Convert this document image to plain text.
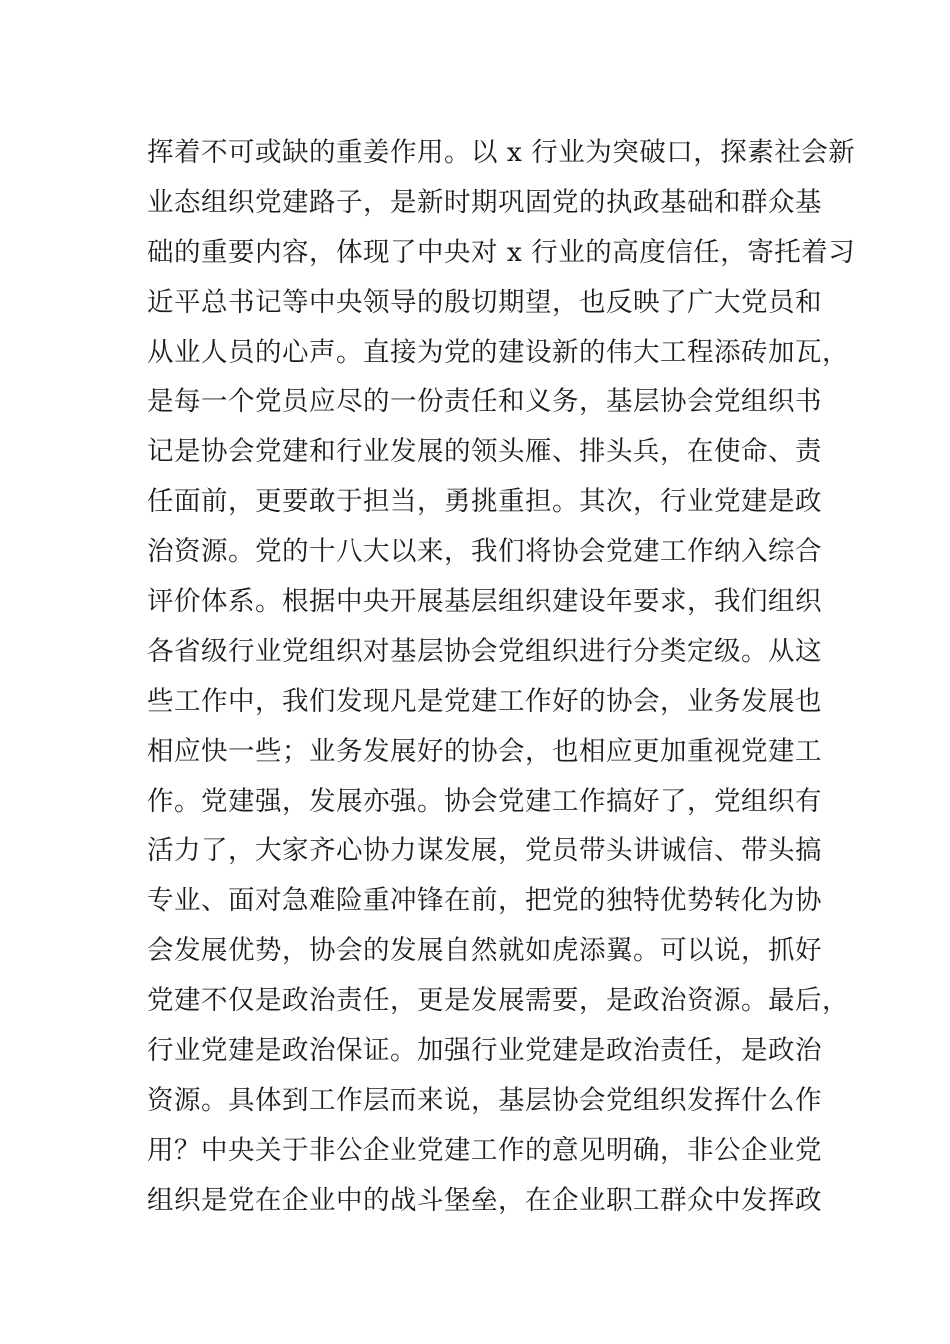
挥着不可或缺的重姜作用。以 x 行业为突破口，探素社会新
业态组织党建路子，是新时期巩固党的执政基础和群众基
础的重要内容，体现了中央对 x 行业的高度信任，寄托着习
近平总书记等中央领导的殷切期望，也反映了广大党员和
从业人员的心声。直接为党的建设新的伟大工程添砖加瓦，
是每一个党员应尽的一份责任和义务，基层协会党组织书
记是协会党建和行业发展的领头雁、排头兵，在使命、责
任面前，更要敢于担当，勇挑重担。其次，行业党建是政
治资源。党的十八大以来，我们将协会党建工作纳入综合
评价体系。根据中央开展基层组织建设年要求，我们组织
各省级行业党组织对基层协会党组织进行分类定级。从这
些工作中，我们发现凡是党建工作好的协会，业务发展也
相应快一些；业务发展好的协会，也相应更加重视党建工
作。党建强，发展亦强。协会党建工作搞好了，党组织有
活力了，大家齐心协力谋发展，党员带头讲诚信、带头搞
专业、面对急难险重冲锋在前，把党的独特优势转化为协
会发展优势，协会的发展自然就如虎添翼。可以说，抓好
党建不仅是政治责任，更是发展需要，是政治资源。最后，
行业党建是政治保证。加强行业党建是政治责任，是政治
资源。具体到工作层而来说，基层协会党组织发挥什么作
用？中央关于非公企业党建工作的意见明确，非公企业党
组织是党在企业中的战斗堡垒，在企业职工群众中发挥政
